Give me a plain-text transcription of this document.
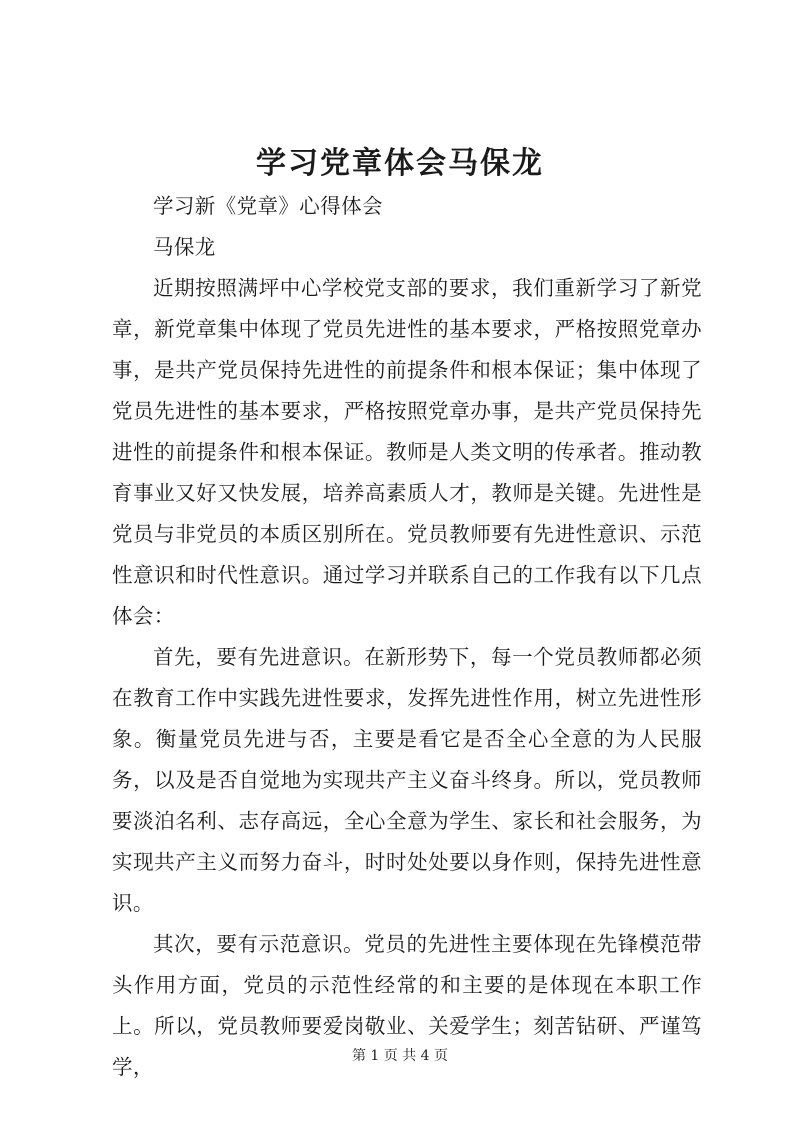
学习党章体会马保龙

学习新《党章》心得体会

马保龙

近期按照满坪中心学校党支部的要求，我们重新学习了新党章，新党章集中体现了党员先进性的基本要求，严格按照党章办事，是共产党员保持先进性的前提条件和根本保证；集中体现了党员先进性的基本要求，严格按照党章办事，是共产党员保持先进性的前提条件和根本保证。教师是人类文明的传承者。推动教育事业又好又快发展，培养高素质人才，教师是关键。先进性是党员与非党员的本质区别所在。党员教师要有先进性意识、示范性意识和时代性意识。通过学习并联系自己的工作我有以下几点体会：

首先，要有先进意识。在新形势下，每一个党员教师都必须在教育工作中实践先进性要求，发挥先进性作用，树立先进性形象。衡量党员先进与否，主要是看它是否全心全意的为人民服务，以及是否自觉地为实现共产主义奋斗终身。所以，党员教师要淡泊名利、志存高远，全心全意为学生、家长和社会服务，为实现共产主义而努力奋斗，时时处处要以身作则，保持先进性意识。

其次，要有示范意识。党员的先进性主要体现在先锋模范带头作用方面，党员的示范性经常的和主要的是体现在本职工作上。所以，党员教师要爱岗敬业、关爱学生；刻苦钻研、严谨笃学，	第 1 页 共 4 页
